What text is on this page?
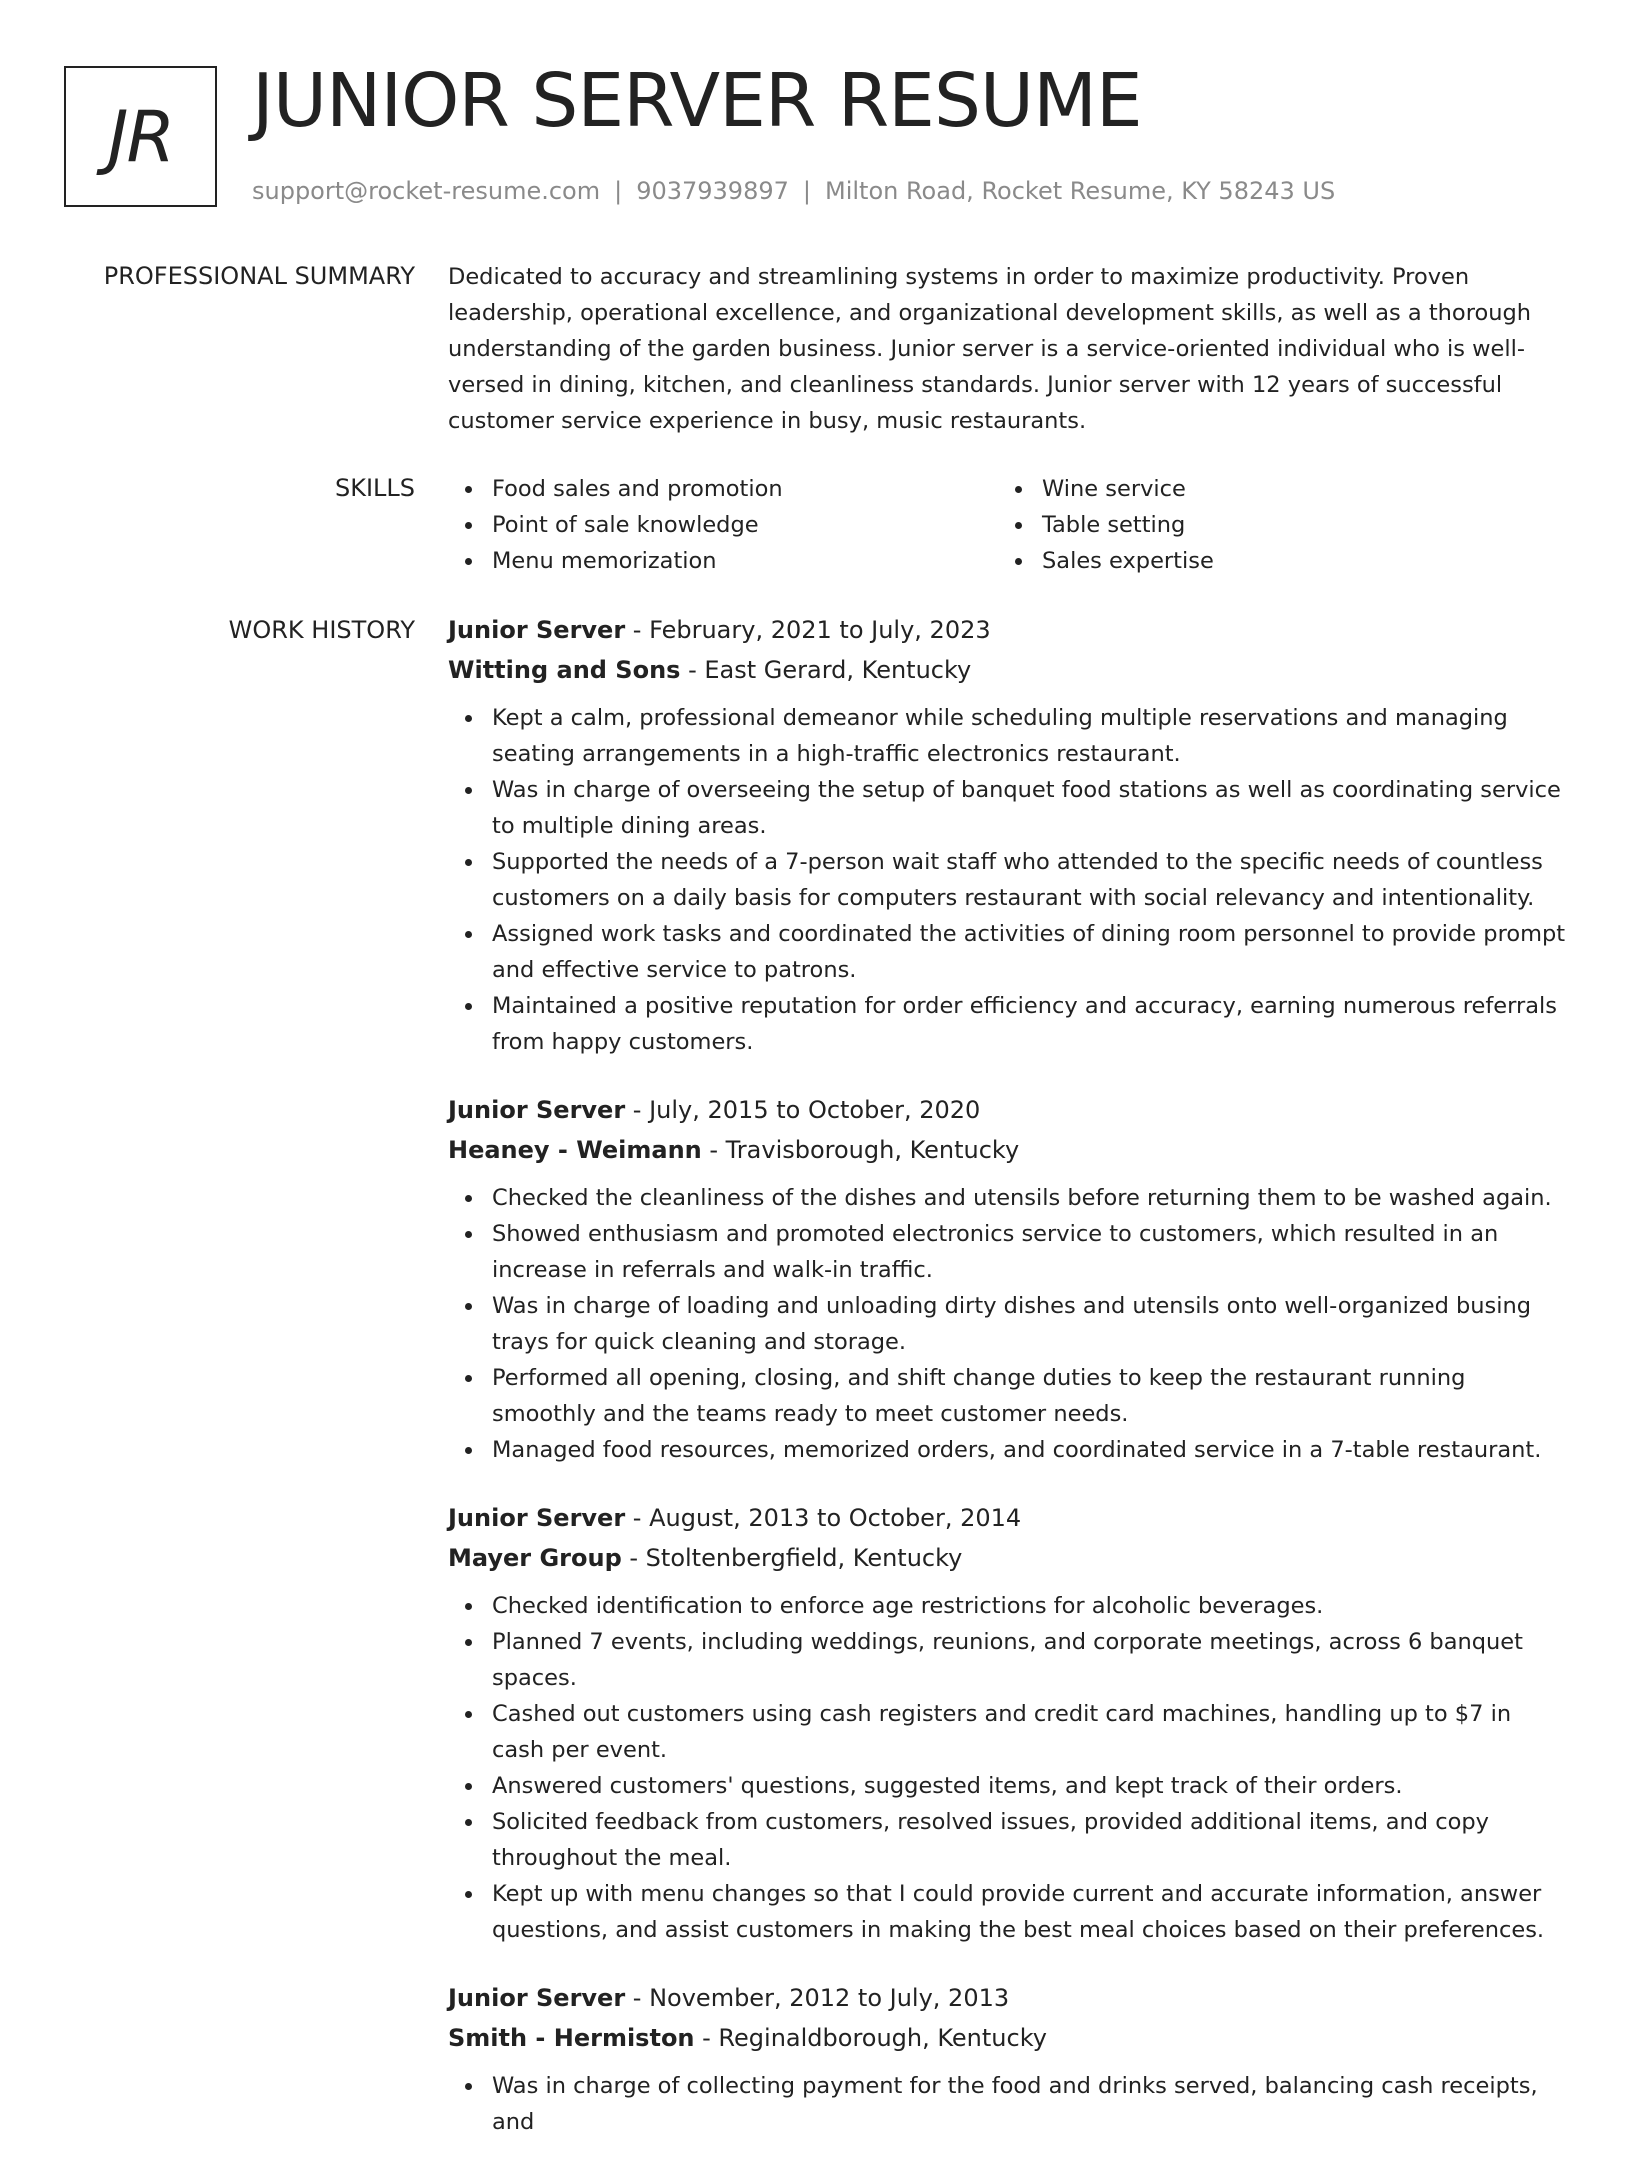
JR JUNIOR SERVER RESUME
support@rocket-resume.com | 9037939897 | Milton Road, Rocket Resume, KY 58243 US
PROFESSIONAL SUMMARY Dedicated to accuracy and streamlining systems in order to maximize productivity. Proven leadership, operational excellence, and organizational development skills, as well as a thorough understanding of the garden business. Junior server is a service-oriented individual who is well-versed in dining, kitchen, and cleanliness standards. Junior server with 12 years of successful customer service experience in busy, music restaurants.

SKILLS	Food sales and promotion	Wine service
Point of sale knowledge	Table setting
Menu memorization	Sales expertise
WORK HISTORY Junior Server - February, 2021 to July, 2023
Witting and Sons - East Gerard, Kentucky
Kept a calm, professional demeanor while scheduling multiple reservations and managing seating arrangements in a high-traffic electronics restaurant.
Was in charge of overseeing the setup of banquet food stations as well as coordinating service to multiple dining areas.
Supported the needs of a 7-person wait staff who attended to the specific needs of countless customers on a daily basis for computers restaurant with social relevancy and intentionality.
Assigned work tasks and coordinated the activities of dining room personnel to provide prompt and effective service to patrons.
Maintained a positive reputation for order efficiency and accuracy, earning numerous referrals from happy customers.
Junior Server - July, 2015 to October, 2020
Heaney - Weimann - Travisborough, Kentucky
Checked the cleanliness of the dishes and utensils before returning them to be washed again.
Showed enthusiasm and promoted electronics service to customers, which resulted in an increase in referrals and walk-in traffic.
Was in charge of loading and unloading dirty dishes and utensils onto well-organized busing trays for quick cleaning and storage.
Performed all opening, closing, and shift change duties to keep the restaurant running smoothly and the teams ready to meet customer needs.
Managed food resources, memorized orders, and coordinated service in a 7-table restaurant.
Junior Server - August, 2013 to October, 2014
Mayer Group - Stoltenbergfield, Kentucky
Checked identification to enforce age restrictions for alcoholic beverages.
Planned 7 events, including weddings, reunions, and corporate meetings, across 6 banquet spaces.
Cashed out customers using cash registers and credit card machines, handling up to $7 in cash per event.
Answered customers' questions, suggested items, and kept track of their orders.
Solicited feedback from customers, resolved issues, provided additional items, and copy throughout the meal.
Kept up with menu changes so that I could provide current and accurate information, answer questions, and assist customers in making the best meal choices based on their preferences.
Junior Server - November, 2012 to July, 2013
Smith - Hermiston - Reginaldborough, Kentucky
Was in charge of collecting payment for the food and drinks served, balancing cash receipts, and
